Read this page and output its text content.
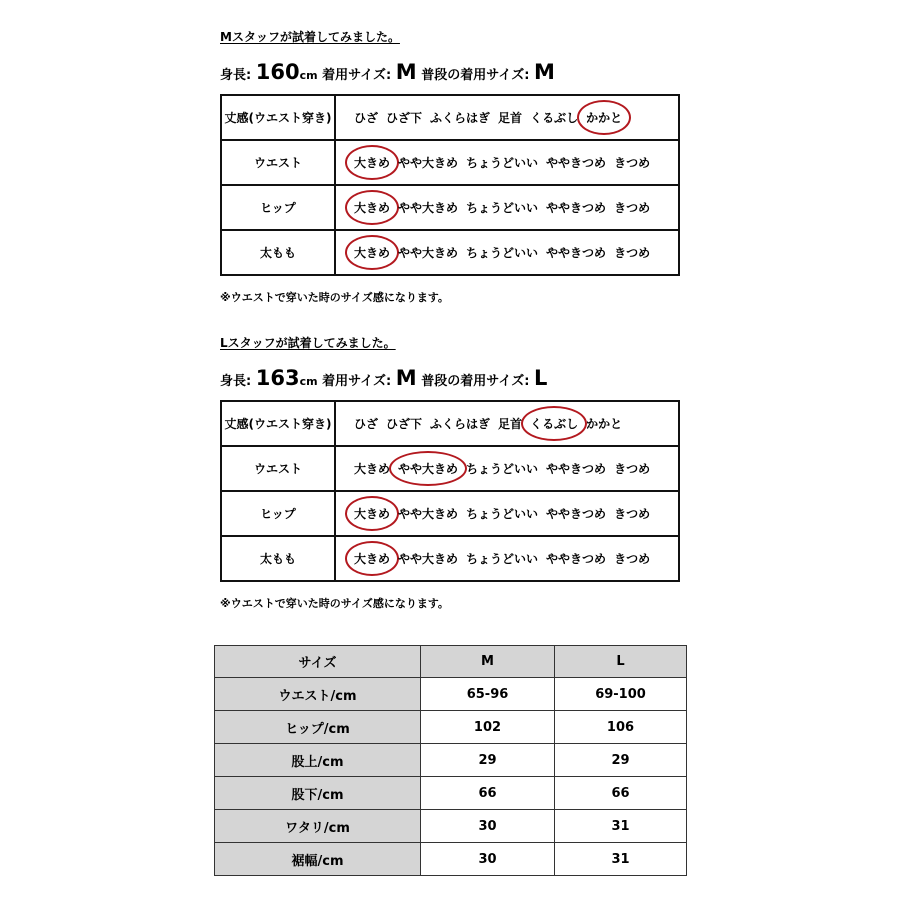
Mスタッフが試着してみました。
身長: 160cm 着用サイズ: M 普段の着用サイズ: M
丈感(ウエスト穿き)	ひざ ひざ下 ふくらはぎ 足首 くるぶし かかと
ウエスト	大きめ やや大きめ ちょうどいい ややきつめ きつめ
ヒップ	大きめ やや大きめ ちょうどいい ややきつめ きつめ
太もも	大きめ やや大きめ ちょうどいい ややきつめ きつめ
※ウエストで穿いた時のサイズ感になります。
Lスタッフが試着してみました。
身長: 163cm 着用サイズ: M 普段の着用サイズ: L
丈感(ウエスト穿き)	ひざ ひざ下 ふくらはぎ 足首 くるぶし かかと
ウエスト	大きめ やや大きめ ちょうどいい ややきつめ きつめ
ヒップ	大きめ やや大きめ ちょうどいい ややきつめ きつめ
太もも	大きめ やや大きめ ちょうどいい ややきつめ きつめ
※ウエストで穿いた時のサイズ感になります。
サイズ	M	L
ウエスト/cm	65-96	69-100
ヒップ/cm	102	106
股上/cm	29	29
股下/cm	66	66
ワタリ/cm	30	31
裾幅/cm	30	31
